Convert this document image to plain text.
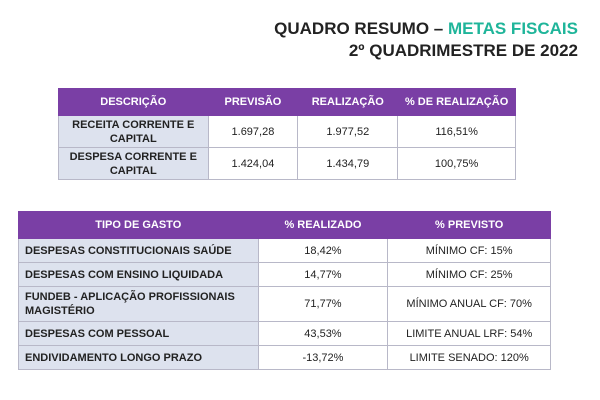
QUADRO RESUMO – METAS FISCAIS
2º QUADRIMESTRE DE 2022
DESCRIÇÃO	PREVISÃO	REALIZAÇÃO	% DE REALIZAÇÃO
RECEITA CORRENTE E CAPITAL	1.697,28	1.977,52	116,51%
DESPESA CORRENTE E CAPITAL	1.424,04	1.434,79	100,75%
TIPO DE GASTO	% REALIZADO	% PREVISTO
DESPESAS CONSTITUCIONAIS SAÚDE	18,42%	MÍNIMO CF: 15%
DESPESAS COM ENSINO LIQUIDADA	14,77%	MÍNIMO CF: 25%
FUNDEB - APLICAÇÃO PROFISSIONAIS MAGISTÉRIO	71,77%	MÍNIMO ANUAL CF: 70%
DESPESAS COM PESSOAL	43,53%	LIMITE ANUAL LRF: 54%
ENDIVIDAMENTO LONGO PRAZO	-13,72%	LIMITE SENADO: 120%
